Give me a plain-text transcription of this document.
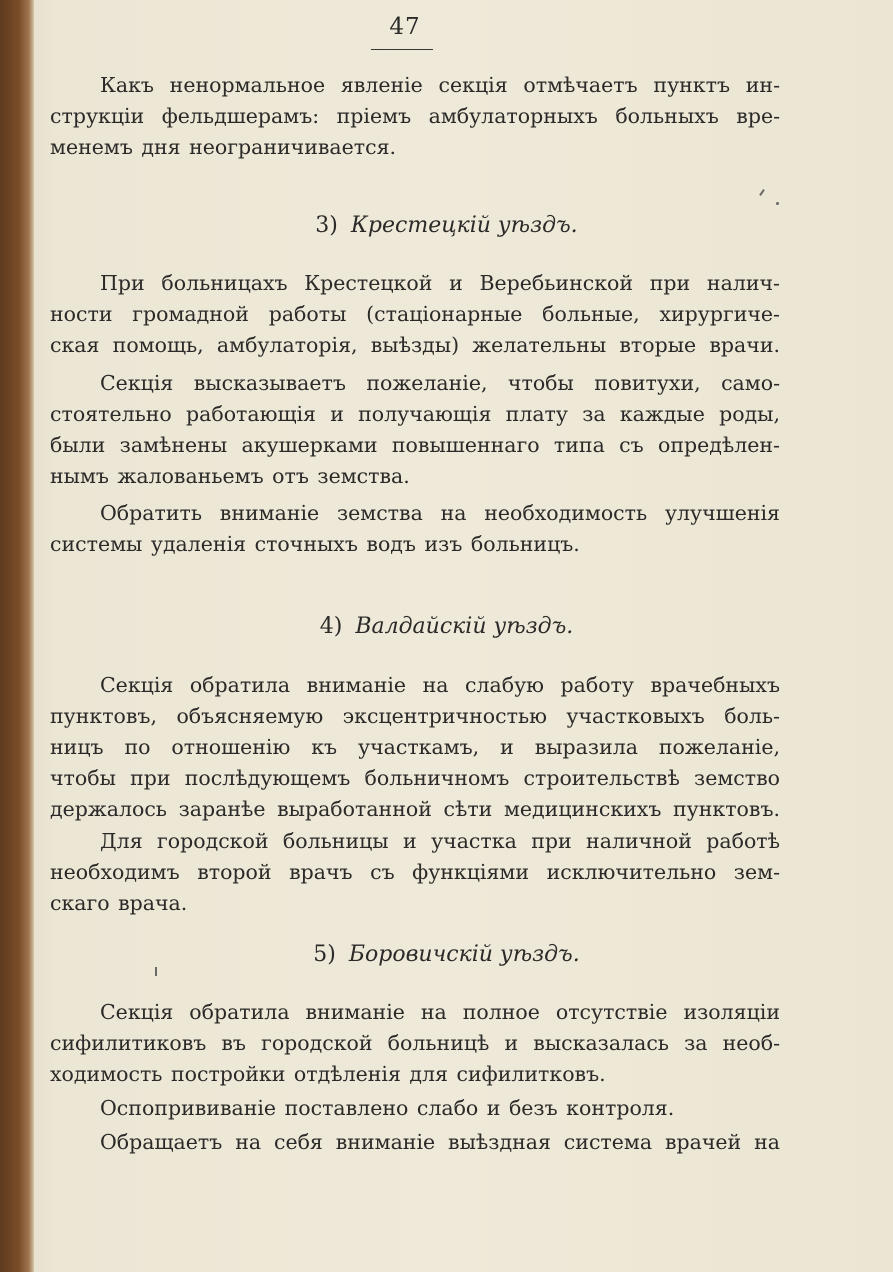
47
Какъ ненормальное явленіе секція отмѣчаетъ пунктъ ин-
струкціи фельдшерамъ: пріемъ амбулаторныхъ больныхъ вре-
менемъ дня неограничивается.
3) Крестецкій уѣздъ.
При больницахъ Крестецкой и Веребьинской при налич-
ности громадной работы (стаціонарные больные, хирургиче-
ская помощь, амбулаторія, выѣзды) желательны вторые врачи.
Секція высказываетъ пожеланіе, чтобы повитухи, само-
стоятельно работающія и получающія плату за каждые роды,
были замѣнены акушерками повышеннаго типа съ опредѣлен-
нымъ жалованьемъ отъ земства.
Обратить вниманіе земства на необходимость улучшенія
системы удаленія сточныхъ водъ изъ больницъ.
4) Валдайскій уѣздъ.
Секція обратила вниманіе на слабую работу врачебныхъ
пунктовъ, объясняемую эксцентричностью участковыхъ боль-
ницъ по отношенію къ участкамъ, и выразила пожеланіе,
чтобы при послѣдующемъ больничномъ строительствѣ земство
держалось заранѣе выработанной сѣти медицинскихъ пунктовъ.
Для городской больницы и участка при наличной работѣ
необходимъ второй врачъ съ функціями исключительно зем-
скаго врача.
5) Боровичскій уѣздъ.
Секція обратила вниманіе на полное отсутствіе изоляціи
сифилитиковъ въ городской больницѣ и высказалась за необ-
ходимость постройки отдѣленія для сифилитковъ.
Оспопрививаніе поставлено слабо и безъ контроля.
Обращаетъ на себя вниманіе выѣздная система врачей на
